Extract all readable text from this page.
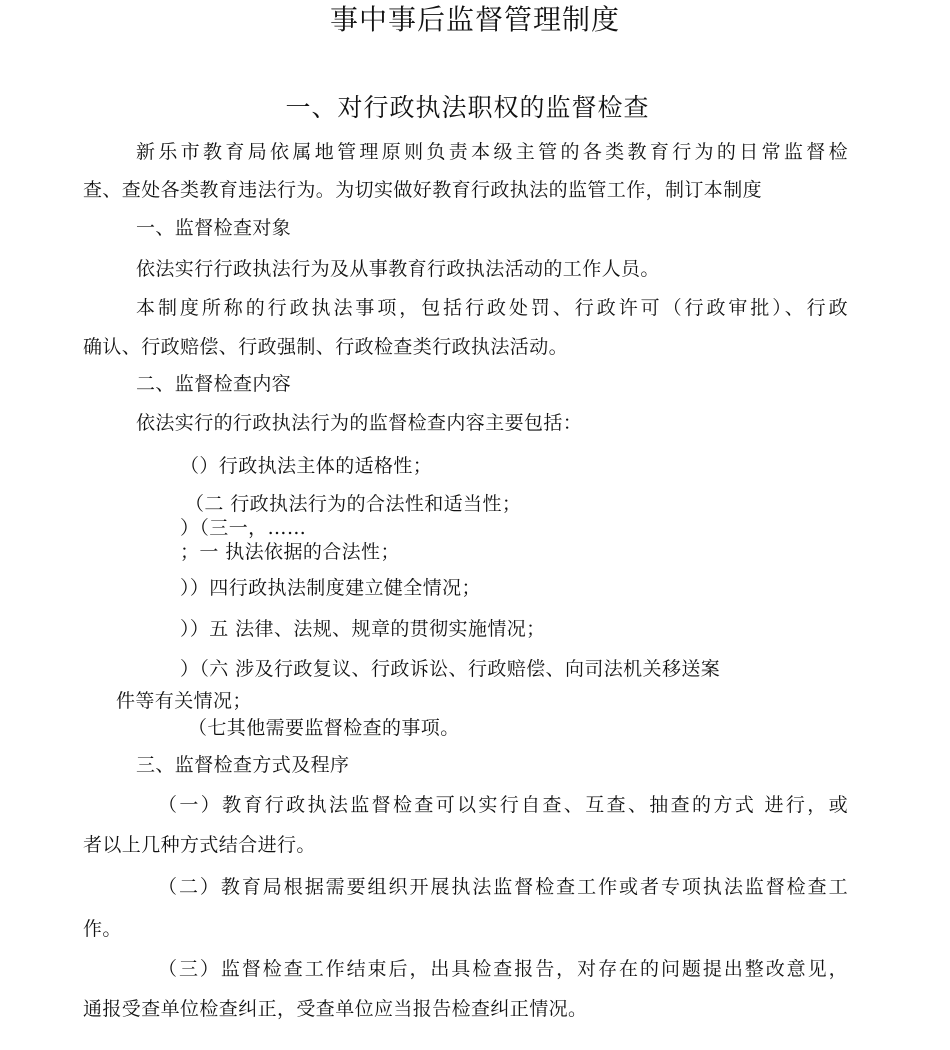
事中事后监督管理制度
一、对行政执法职权的监督检查
新乐市教育局依属地管理原则负责本级主管的各类教育行为的日常监督检
查、查处各类教育违法行为。为切实做好教育行政执法的监管工作，制订本制度
一、监督检查对象
依法实行行政执法行为及从事教育行政执法活动的工作人员。
本制度所称的行政执法事项，包括行政处罚、行政许可（行政审批）、行政
确认、行政赔偿、行政强制、行政检查类行政执法活动。
二、监督检查内容
依法实行的行政执法行为的监督检查内容主要包括：
（）行政执法主体的适格性；
（二 行政执法行为的合法性和适当性；
）（三一，……
；一 执法依据的合法性；
））四行政执法制度建立健全情况；
））五 法律、法规、规章的贯彻实施情况；
）（六 涉及行政复议、行政诉讼、行政赔偿、向司法机关移送案
件等有关情况；
（七其他需要监督检查的事项。
三、监督检查方式及程序
（一）教育行政执法监督检查可以实行自查、互查、抽查的方式 进行，或
者以上几种方式结合进行。
（二）教育局根据需要组织开展执法监督检查工作或者专项执法监督检查工
作。
（三）监督检查工作结束后，出具检查报告，对存在的问题提出整改意见，
通报受查单位检查纠正，受查单位应当报告检查纠正情况。
